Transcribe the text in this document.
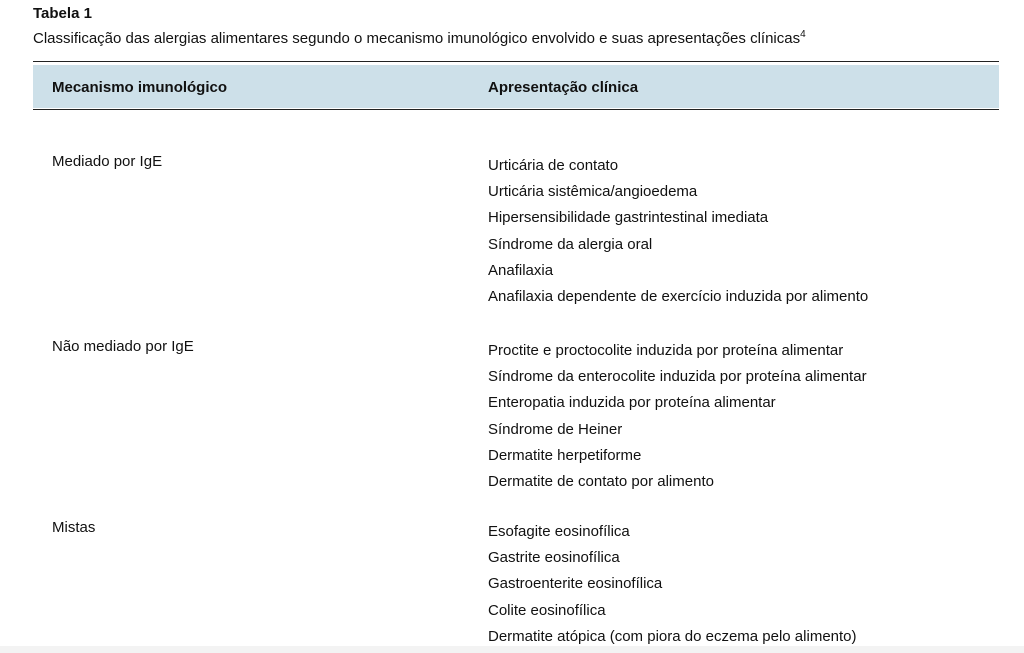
Tabela 1
Classificação das alergias alimentares segundo o mecanismo imunológico envolvido e suas apresentações clínicas$^4$
Mecanismo imunológico	Apresentação clínica
Mediado por IgE	Urticária de contato
Urticária sistêmica/angioedema
Hipersensibilidade gastrintestinal imediata
Síndrome da alergia oral
Anafilaxia
Anafilaxia dependente de exercício induzida por alimento
Não mediado por IgE	Proctite e proctocolite induzida por proteína alimentar
Síndrome da enterocolite induzida por proteína alimentar
Enteropatia induzida por proteína alimentar
Síndrome de Heiner
Dermatite herpetiforme
Dermatite de contato por alimento
Mistas	Esofagite eosinofílica
Gastrite eosinofílica
Gastroenterite eosinofílica
Colite eosinofílica
Dermatite atópica (com piora do eczema pelo alimento)
